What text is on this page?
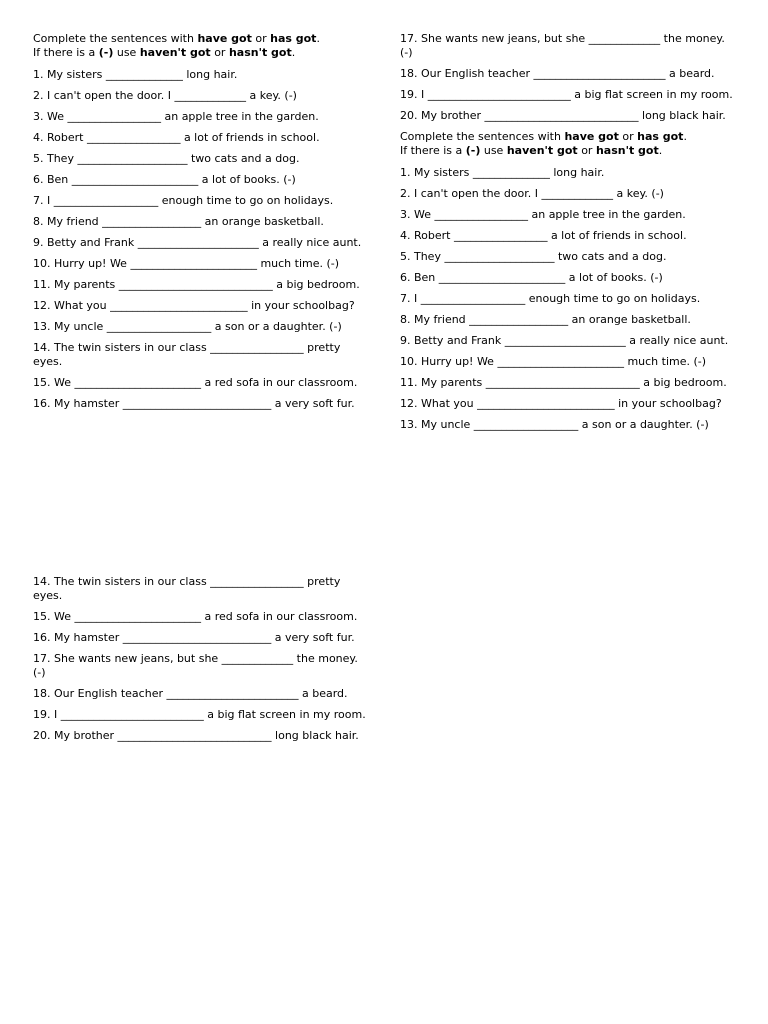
Complete the sentences with have got or has got.
If there is a (-) use haven't got or hasn't got.
1. My sisters ______________ long hair.
2. I can't open the door. I _____________ a key. (-)
3. We _________________ an apple tree in the garden.
4. Robert _________________ a lot of friends in school.
5. They ____________________ two cats and a dog.
6. Ben _______________________ a lot of books. (-)
7. I ___________________ enough time to go on holidays.
8. My friend __________________ an orange basketball.
9. Betty and Frank ______________________ a really nice aunt.
10. Hurry up! We _______________________ much time. (-)
11. My parents ____________________________ a big bedroom.
12. What you _________________________ in your schoolbag?
13. My uncle ___________________ a son or a daughter. (-)
14. The twin sisters in our class _________________ pretty eyes.
15. We _______________________ a red sofa in our classroom.
16. My hamster ___________________________ a very soft fur.
17. She wants new jeans, but she _____________ the money. (-)
18. Our English teacher ________________________ a beard.
19. I __________________________ a big flat screen in my room.
20. My brother ____________________________ long black hair.
Complete the sentences with have got or has got.
If there is a (-) use haven't got or hasn't got.
1. My sisters ______________ long hair.
2. I can't open the door. I _____________ a key. (-)
3. We _________________ an apple tree in the garden.
4. Robert _________________ a lot of friends in school.
5. They ____________________ two cats and a dog.
6. Ben _______________________ a lot of books. (-)
7. I ___________________ enough time to go on holidays.
8. My friend __________________ an orange basketball.
9. Betty and Frank ______________________ a really nice aunt.
10. Hurry up! We _______________________ much time. (-)
11. My parents ____________________________ a big bedroom.
12. What you _________________________ in your schoolbag?
13. My uncle ___________________ a son or a daughter. (-)
14. The twin sisters in our class _________________ pretty eyes.
15. We _______________________ a red sofa in our classroom.
16. My hamster ___________________________ a very soft fur.
17. She wants new jeans, but she _____________ the money. (-)
18. Our English teacher ________________________ a beard.
19. I __________________________ a big flat screen in my room.
20. My brother ____________________________ long black hair.
